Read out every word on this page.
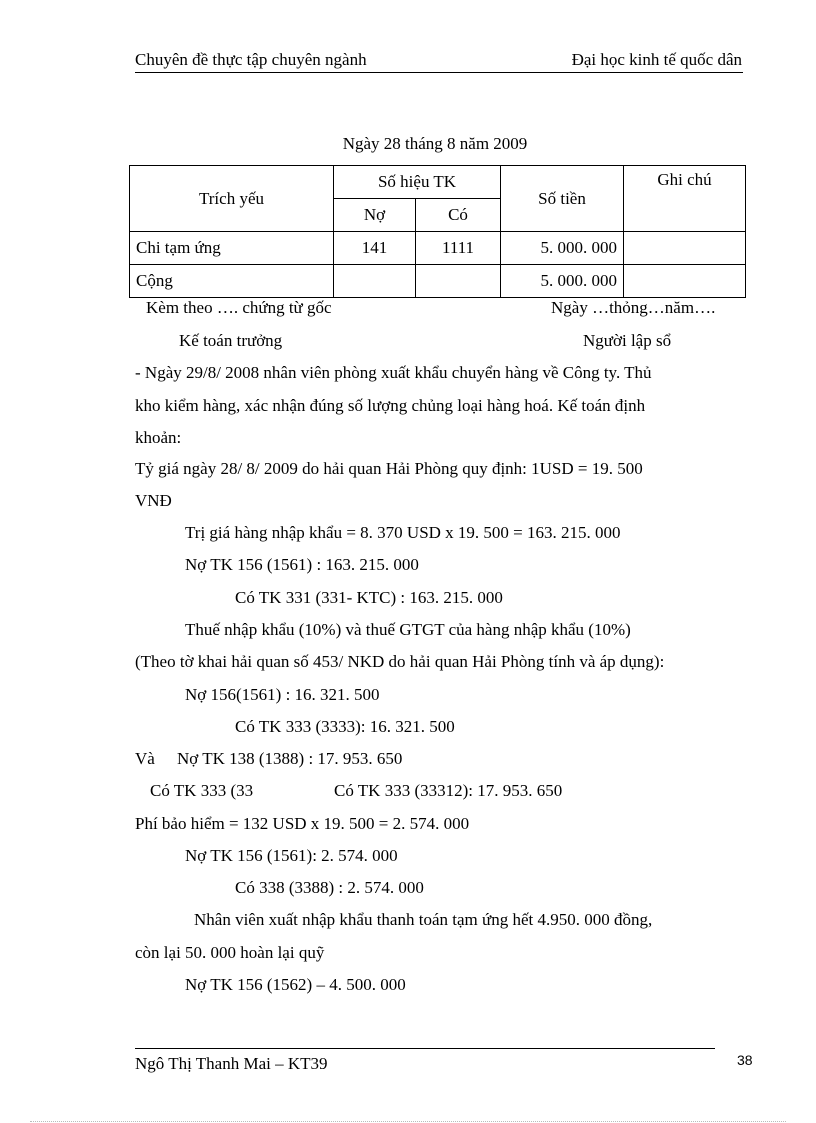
Chuyên đề thực tập chuyên ngành	Đại học kinh tế quốc dân
Ngày 28 tháng 8 năm 2009
Trích yếu	Số hiệu TK		Số tiền	Ghi chú
	Nợ	Có		
Chi tạm ứng	141	1111	5. 000. 000	
Cộng			5. 000. 000	
Kèm theo …. chứng từ gốc	Ngày …thỏng…năm….
Kế toán trưởng	Người lập sổ
- Ngày 29/8/ 2008 nhân viên phòng xuất khẩu chuyển hàng về Công ty. Thủ
kho kiểm hàng, xác nhận đúng số lượng chủng loại hàng hoá. Kế toán định
khoản:
Tỷ giá ngày 28/ 8/ 2009 do hải quan Hải Phòng quy định: 1USD = 19. 500
VNĐ
Trị giá hàng nhập khẩu = 8. 370 USD x 19. 500 = 163. 215. 000
Nợ TK 156 (1561) : 163. 215. 000
Có TK 331 (331- KTC) : 163. 215. 000
Thuế nhập khẩu (10%) và thuế GTGT của hàng nhập khẩu (10%)
(Theo tờ khai hải quan số 453/ NKD do hải quan Hải Phòng tính và áp dụng):
Nợ 156(1561) : 16. 321. 500
Có TK 333 (3333): 16. 321. 500
Và Nợ TK 138 (1388) : 17. 953. 650
Có TK 333 (33	Có TK 333 (33312): 17. 953. 650
Phí bảo hiểm = 132 USD x 19. 500 = 2. 574. 000
Nợ TK 156 (1561): 2. 574. 000
Có 338 (3388) : 2. 574. 000
Nhân viên xuất nhập khẩu thanh toán tạm ứng hết 4.950. 000 đồng,
còn lại 50. 000 hoàn lại quỹ
Nợ TK 156 (1562) – 4. 500. 000
Ngô Thị Thanh Mai – KT39	38
